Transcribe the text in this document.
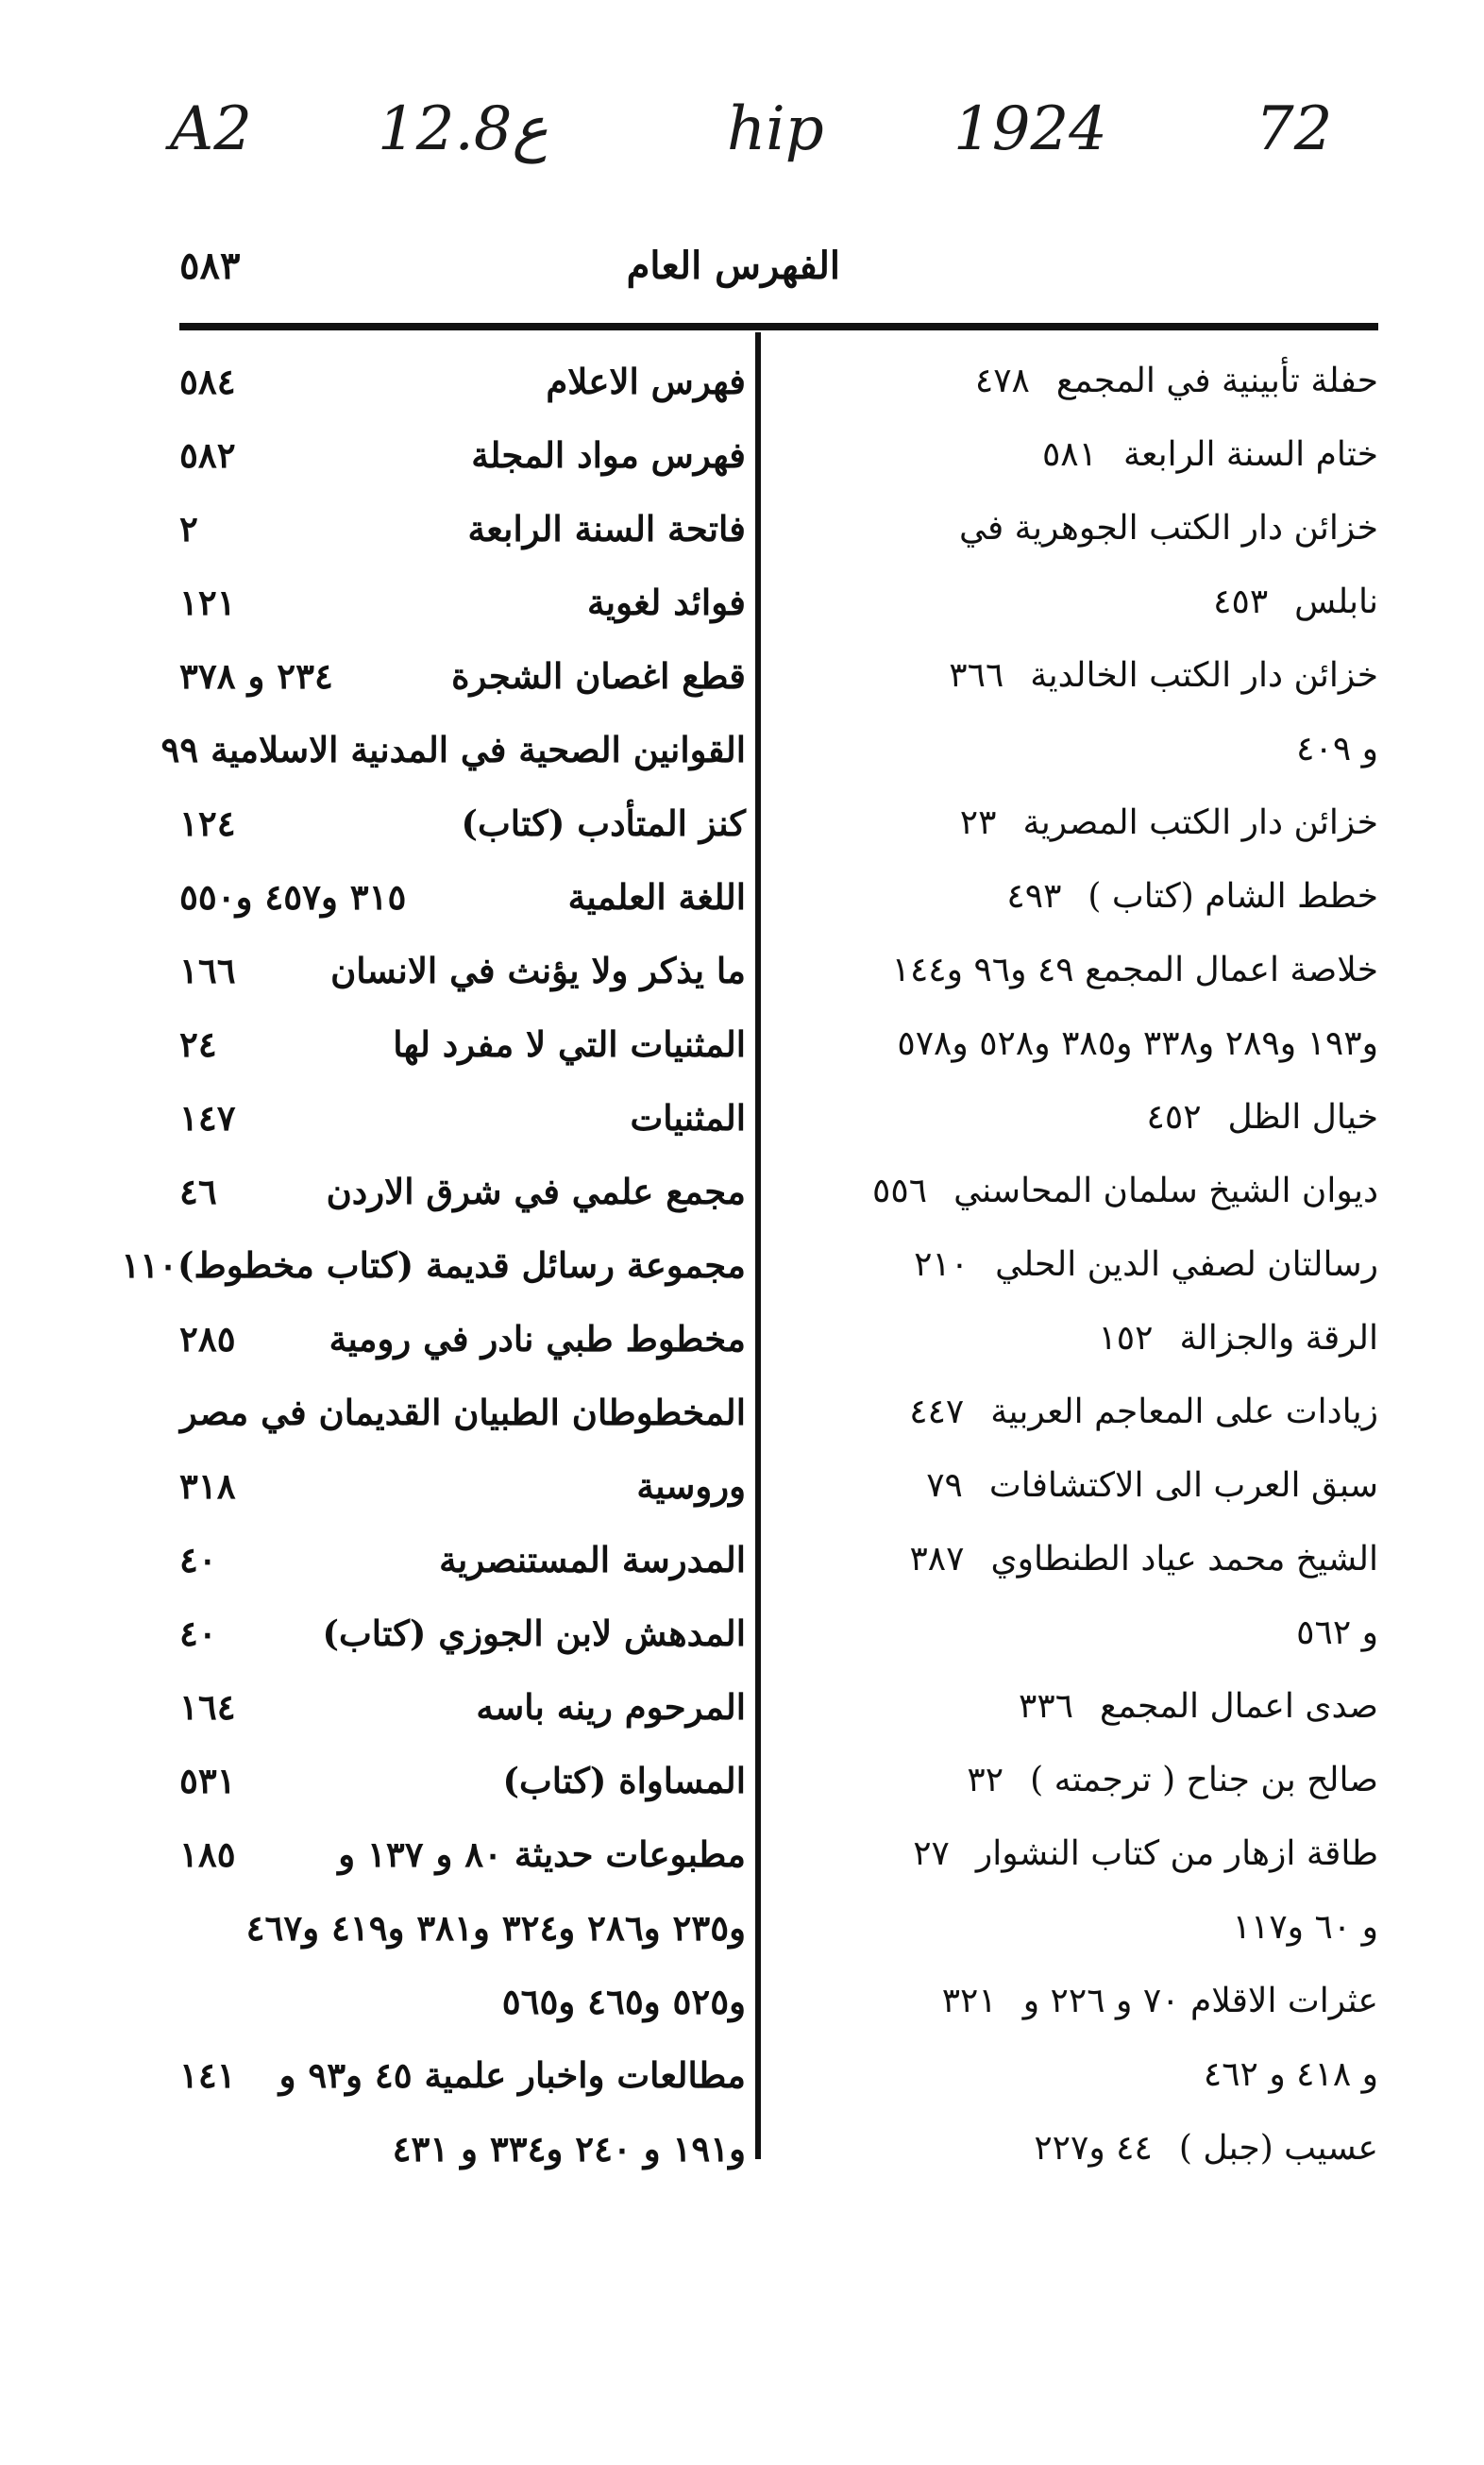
A2 12.8ع	hip 1924 72
الفهرس العام
٥٨٣
حفلة تأبينية في المجمع٤٧٨
ختام السنة الرابعة٥٨١
خزائن دار الكتب الجوهرية في
نابلس٤٥٣
خزائن دار الكتب الخالدية٣٦٦
و ٤٠٩
خزائن دار الكتب المصرية٢٣
خطط الشام (كتاب )٤٩٣
خلاصة اعمال المجمع ٤٩ و٩٦ و١٤٤
و١٩٣ و٢٨٩ و٣٣٨ و٣٨٥ و٥٢٨ و٥٧٨
خيال الظل٤٥٢
ديوان الشيخ سلمان المحاسني٥٥٦
رسالتان لصفي الدين الحلي٢١٠
الرقة والجزالة١٥٢
زيادات على المعاجم العربية٤٤٧
سبق العرب الى الاكتشافات٧٩
الشيخ محمد عياد الطنطاوي٣٨٧
و ٥٦٢
صدى اعمال المجمع٣٣٦
صالح بن جناح ( ترجمته )٣٢
طاقة ازهار من كتاب النشوار٢٧
و ٦٠ و١١٧
عثرات الاقلام ٧٠ و ٢٢٦ و٣٢١
و ٤١٨ و ٤٦٢
عسيب (جبل )٤٤ و٢٢٧
فهرس الاعلام
٥٨٤
فهرس مواد المجلة
٥٨٢
فاتحة السنة الرابعة
٢
فوائد لغوية
١٢١
قطع اغصان الشجرة
٢٣٤ و ٣٧٨
القوانين الصحية في المدنية الاسلامية ٩٩
كنز المتأدب (كتاب)
١٢٤
اللغة العلمية
٣١٥ و٤٥٧ و٥٥٠
ما يذكر ولا يؤنث في الانسان
١٦٦
المثنيات التي لا مفرد لها
٢٤
المثنيات
١٤٧
مجمع علمي في شرق الاردن
٤٦
مجموعة رسائل قديمة (كتاب مخطوط)
١١٠
مخطوط طبي نادر في رومية
٢٨٥
المخطوطان الطبيان القديمان في مصر
وروسية
٣١٨
المدرسة المستنصرية
٤٠
المدهش لابن الجوزي (كتاب)
٤٠
المرحوم رينه باسه
١٦٤
المساواة (كتاب)
٥٣١
مطبوعات حديثة ٨٠ و ١٣٧ و
١٨٥
و٢٣٥ و٢٨٦ و٣٢٤ و٣٨١ و٤١٩ و٤٦٧
و٥٢٥ و٤٦٥ و٥٦٥
مطالعات واخبار علمية ٤٥ و٩٣ و
١٤١
و١٩١ و ٢٤٠ و٣٣٤ و ٤٣١
